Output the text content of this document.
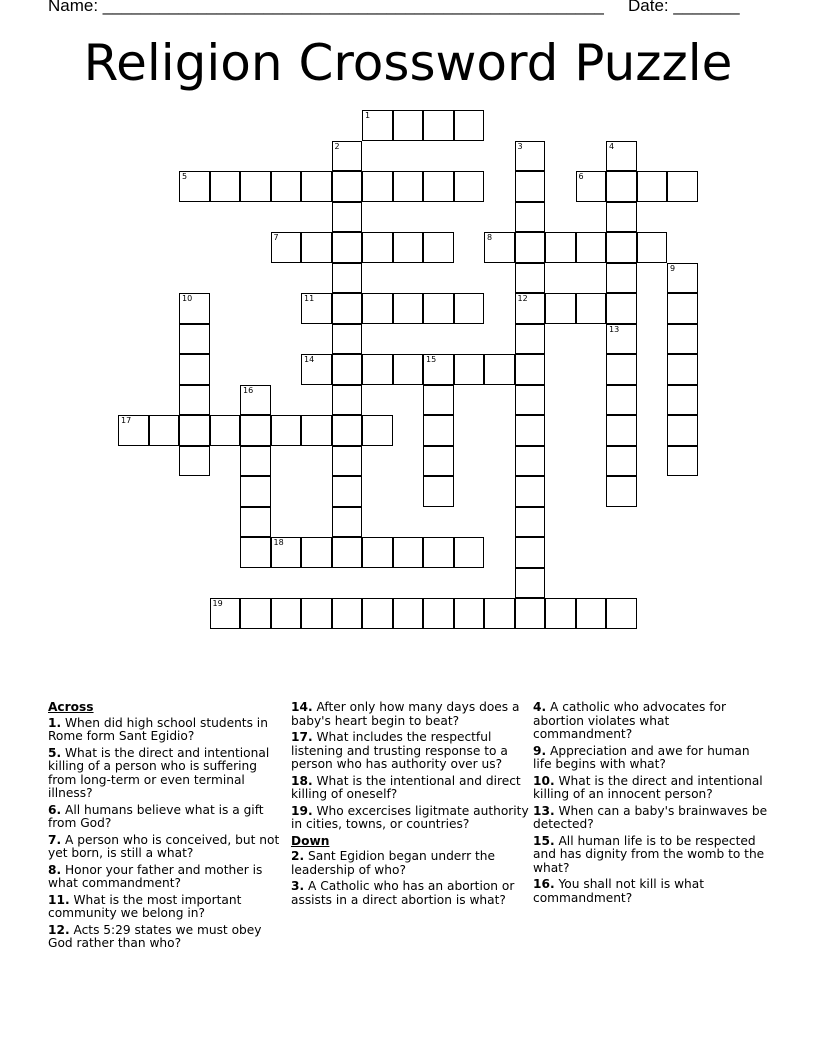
Name: _____________________________________________________ Date: _______
Religion Crossword Puzzle
1
2	3
12
4
5	6
7	8
9
10	11
13
14	15
16
17
18
19
Across
1. When did high school students in Rome form Sant Egidio?
5. What is the direct and intentional killing of a person who is suffering from long-term or even terminal illness?
6. All humans believe what is a gift from God?
7. A person who is conceived, but not yet born, is still a what?
8. Honor your father and mother is what commandment?
11. What is the most important community we belong in?
12. Acts 5:29 states we must obey God rather than who?
14. After only how many days does a baby's heart begin to beat?
17. What includes the respectful listening and trusting response to a person who has authority over us?
18. What is the intentional and direct killing of oneself?
19. Who excercises ligitmate authority in cities, towns, or countries?
Down
2. Sant Egidion began underr the leadership of who?
3. A Catholic who has an abortion or assists in a direct abortion is what?
4. A catholic who advocates for abortion violates what commandment?
9. Appreciation and awe for human life begins with what?
10. What is the direct and intentional killing of an innocent person?
13. When can a baby's brainwaves be detected?
15. All human life is to be respected and has dignity from the womb to the what?
16. You shall not kill is what commandment?
